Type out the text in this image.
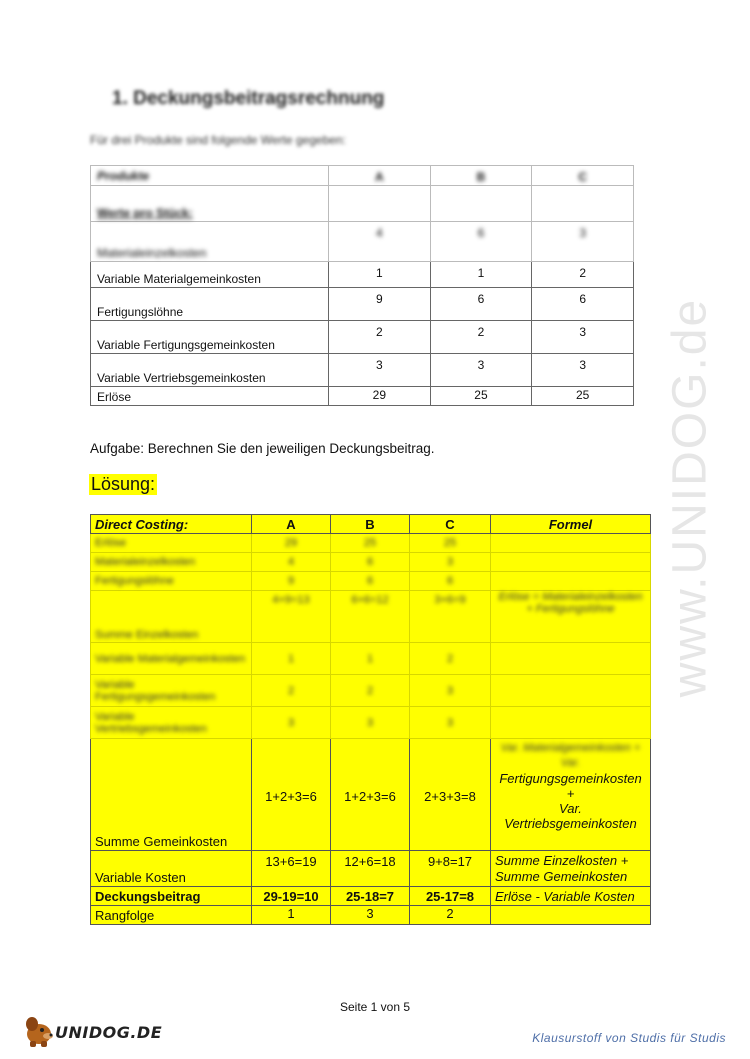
www.UNIDOG.de
1. Deckungsbeitragsrechnung
Für drei Produkte sind folgende Werte gegeben:
Produkte	A	B	C
Werte pro Stück:			
Materialeinzelkosten	4	6	3
Variable Materialgemeinkosten	1	1	2
Fertigungslöhne	9	6	6
Variable Fertigungsgemeinkosten	2	2	3
Variable Vertriebsgemeinkosten	3	3	3
Erlöse	29	25	25
Aufgabe: Berechnen Sie den jeweiligen Deckungsbeitrag.
Lösung:
Direct Costing:	A	B	C	Formel

Erlöse	29	25	25	

Materialeinzelkosten	4	6	3	

Fertigungslöhne	9	6	6	

Summe Einzelkosten	4+9=13	6+6=12	3+6=9	Erlöse = Materialeinzelkosten + Fertigungslöhne

Variable Materialgemeinkosten	1	1	2	

Variable Fertigungsgemeinkosten	2	2	3	

Variable Vertriebsgemeinkosten	3	3	3	

Summe Gemeinkosten	1+2+3=6	1+2+3=6	2+3+3=8	Var. Materialgemeinkosten + Var.
Fertigungsgemeinkosten
+
Var.
Vertriebsgemeinkosten

Variable Kosten	13+6=19	12+6=18	9+8=17	Summe Einzelkosten +
Summe Gemeinkosten

Deckungsbeitrag	29-19=10	25-18=7	25-17=8	Erlöse - Variable Kosten
Rangfolge	1	3	2	
Seite 1 von 5
UNIDOG.DE	Klausurstoff von Studis für Studis
